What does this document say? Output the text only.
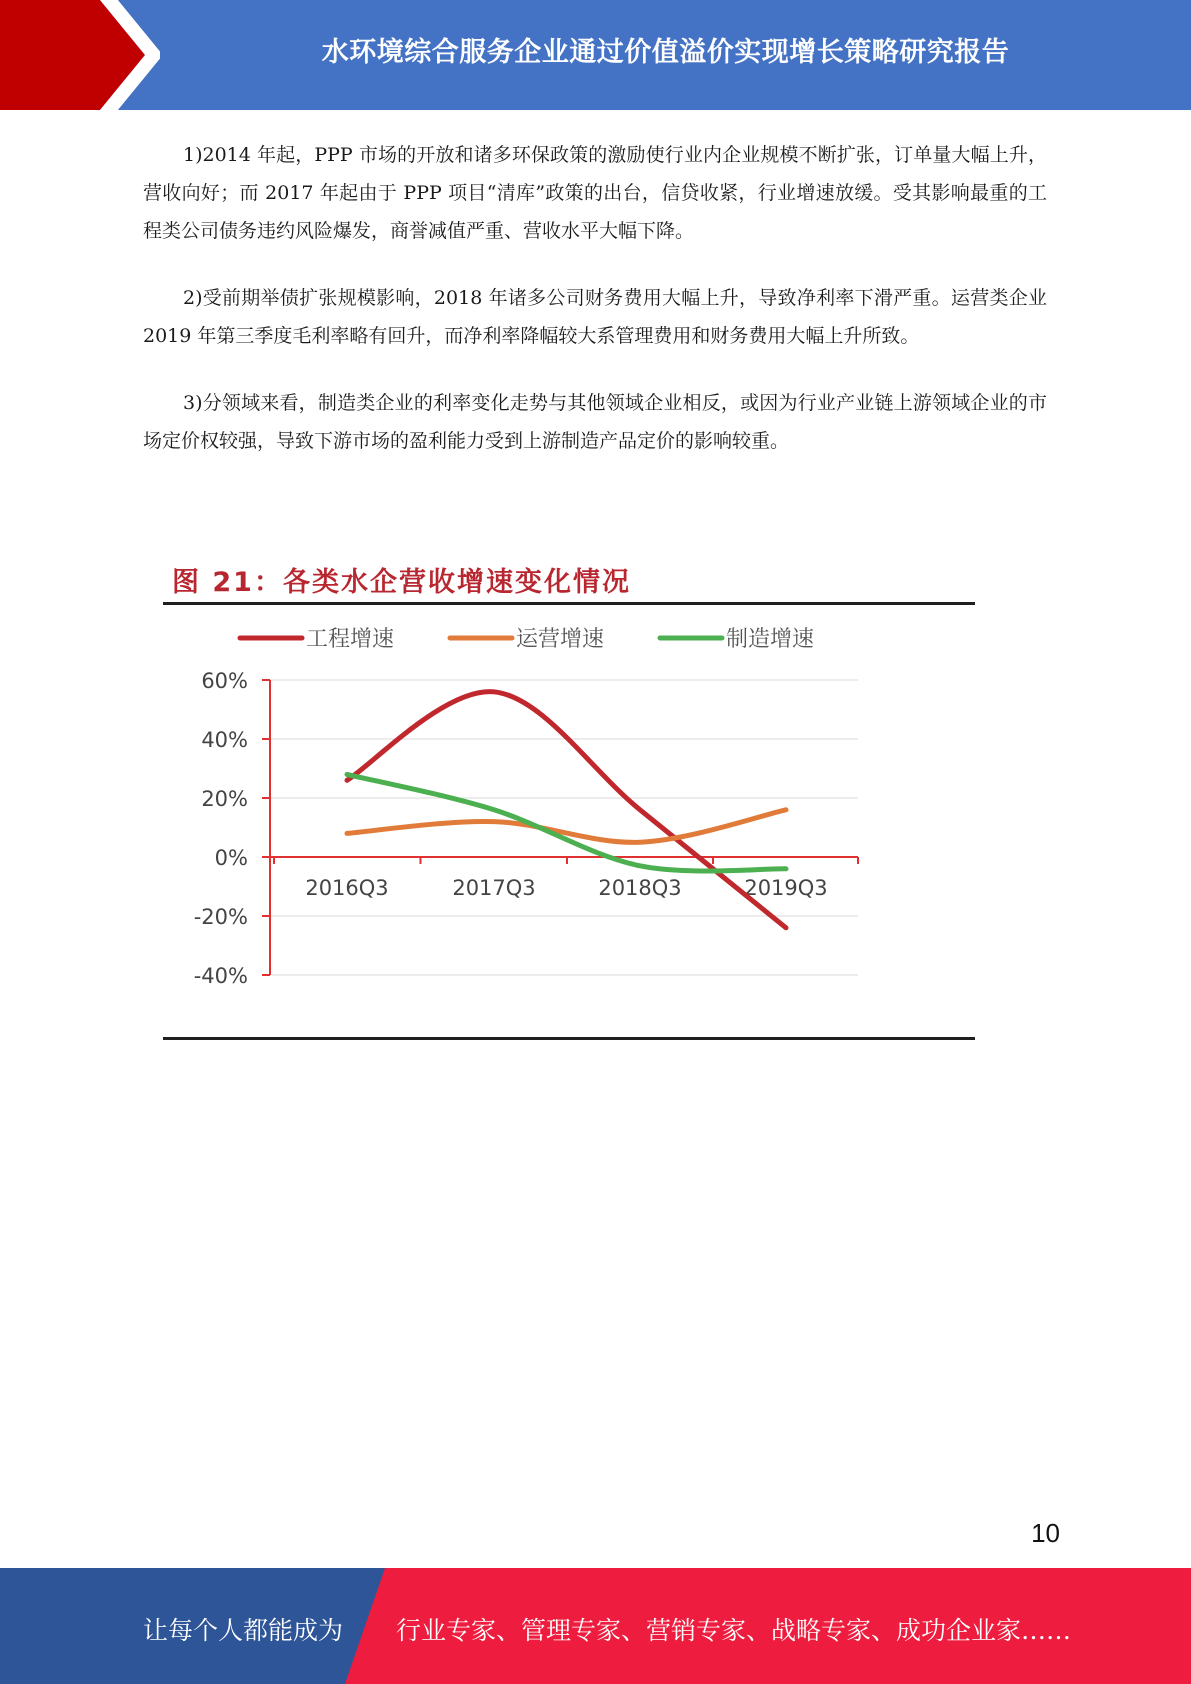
水环境综合服务企业通过价值溢价实现增长策略研究报告

1)2014 年起，PPP 市场的开放和诸多环保政策的激励使行业内企业规模不断扩张，订单量大幅上升，营收向好；而 2017 年起由于 PPP 项目“清库”政策的出台，信贷收紧，行业增速放缓。受其影响最重的工程类公司债务违约风险爆发，商誉减值严重、营收水平大幅下降。

2)受前期举债扩张规模影响，2018 年诸多公司财务费用大幅上升，导致净利率下滑严重。运营类企业 2019 年第三季度毛利率略有回升，而净利率降幅较大系管理费用和财务费用大幅上升所致。

3)分领域来看，制造类企业的利率变化走势与其他领域企业相反，或因为行业产业链上游领域企业的市场定价权较强，导致下游市场的盈利能力受到上游制造产品定价的影响较重。

图 21：各类水企营收增速变化情况
工程增速	运营增速	制造增速
60%
40%
20%
0%
-20%
-40%
2016Q3	2017Q3	2018Q3	2019Q3
10
让每个人都能成为 行业专家、管理专家、营销专家、战略专家、成功企业家……
